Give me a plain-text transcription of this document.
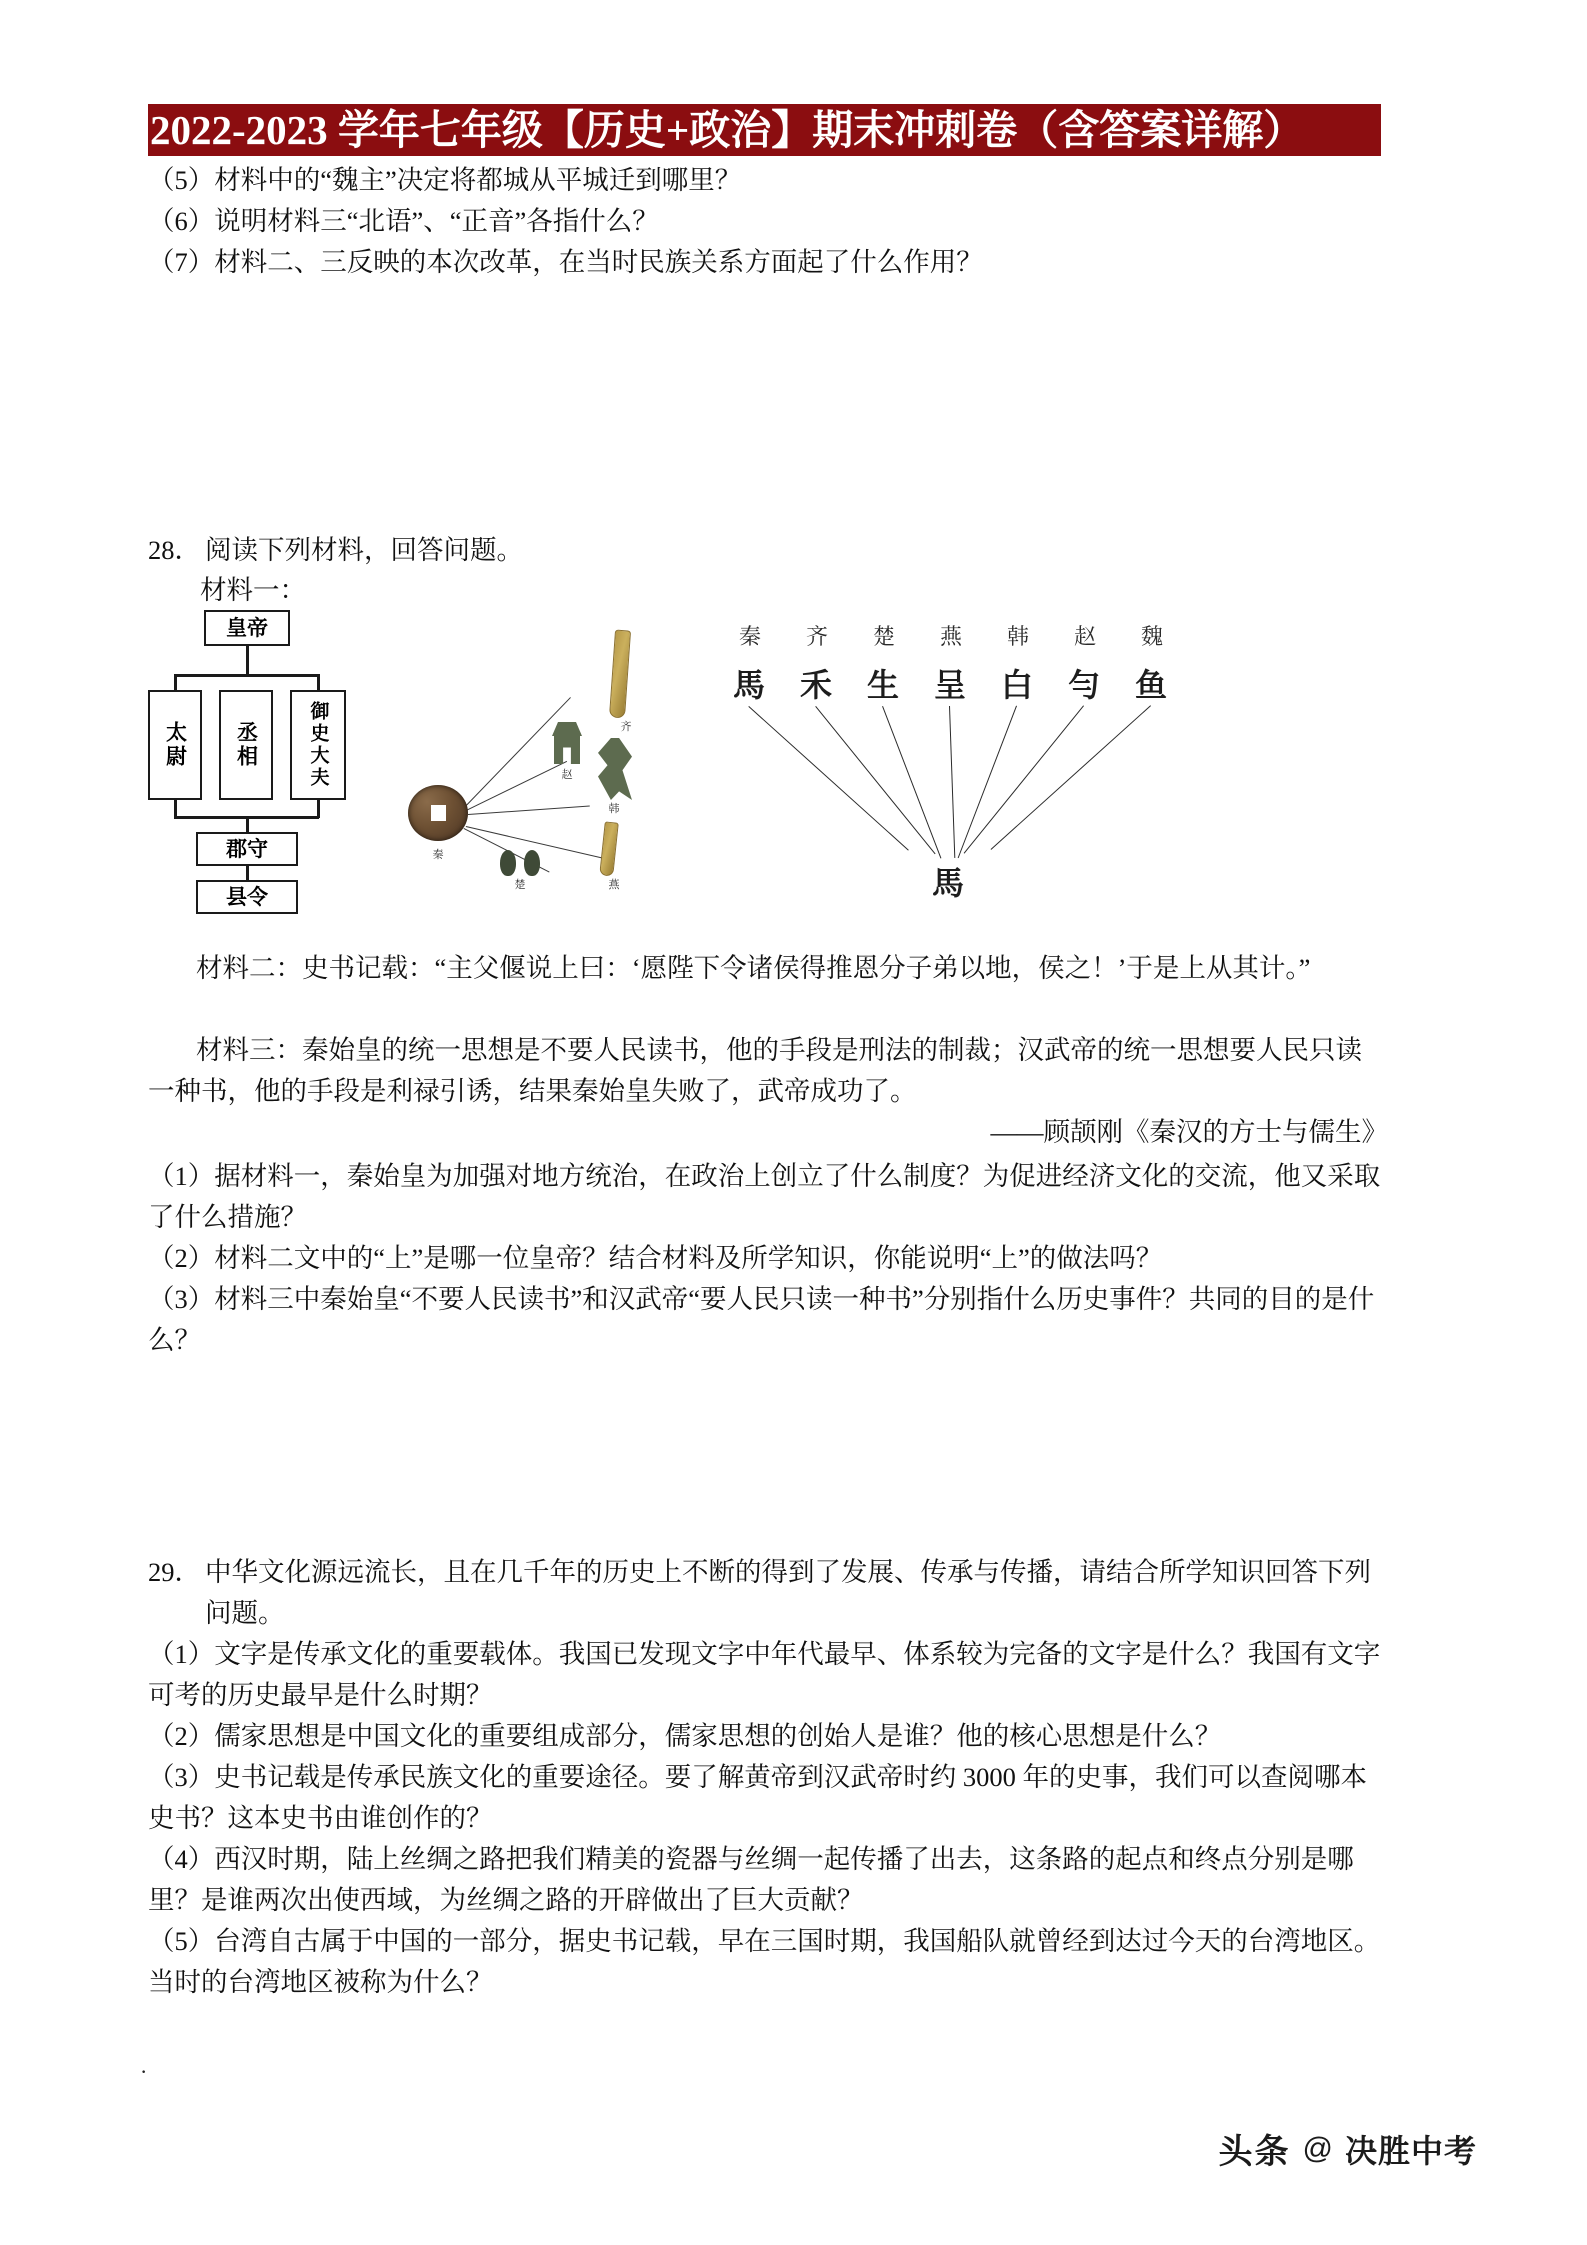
2022-2023 学年七年级【历史+政治】期末冲刺卷（含答案详解）
（5）材料中的“魏主”决定将都城从平城迁到哪里？
（6）说明材料三“北语”、“正音”各指什么？
（7）材料二、三反映的本次改革，在当时民族关系方面起了什么作用？
28． 阅读下列材料，回答问题。
材料一：
皇帝
太尉	丞相	御史大夫
郡守
县令
秦
赵
韩
楚	燕
齐
秦 齐 楚 燕 韩 赵 魏
馬 禾 生 呈 白 勻 鱼
馬
材料二：史书记载：“主父偃说上曰：‘愿陛下令诸侯得推恩分子弟以地，侯之！’于是上从其计。”
材料三：秦始皇的统一思想是不要人民读书，他的手段是刑法的制裁；汉武帝的统一思想要人民只读一种书，他的手段是利禄引诱，结果秦始皇失败了，武帝成功了。
——顾颉刚《秦汉的方士与儒生》
（1）据材料一，秦始皇为加强对地方统治，在政治上创立了什么制度？为促进经济文化的交流，他又采取了什么措施？
（2）材料二文中的“上”是哪一位皇帝？结合材料及所学知识，你能说明“上”的做法吗？
（3）材料三中秦始皇“不要人民读书”和汉武帝“要人民只读一种书”分别指什么历史事件？共同的目的是什么？
29． 中华文化源远流长，且在几千年的历史上不断的得到了发展、传承与传播，请结合所学知识回答下列问题。
（1）文字是传承文化的重要载体。我国已发现文字中年代最早、体系较为完备的文字是什么？我国有文字可考的历史最早是什么时期？
（2）儒家思想是中国文化的重要组成部分，儒家思想的创始人是谁？他的核心思想是什么？
（3）史书记载是传承民族文化的重要途径。要了解黄帝到汉武帝时约 3000 年的史事，我们可以查阅哪本史书？这本史书由谁创作的？
（4）西汉时期，陆上丝绸之路把我们精美的瓷器与丝绸一起传播了出去，这条路的起点和终点分别是哪里？是谁两次出使西域，为丝绸之路的开辟做出了巨大贡献？
（5）台湾自古属于中国的一部分，据史书记载，早在三国时期，我国船队就曾经到达过今天的台湾地区。当时的台湾地区被称为什么？
·
头条 @ 决胜中考
